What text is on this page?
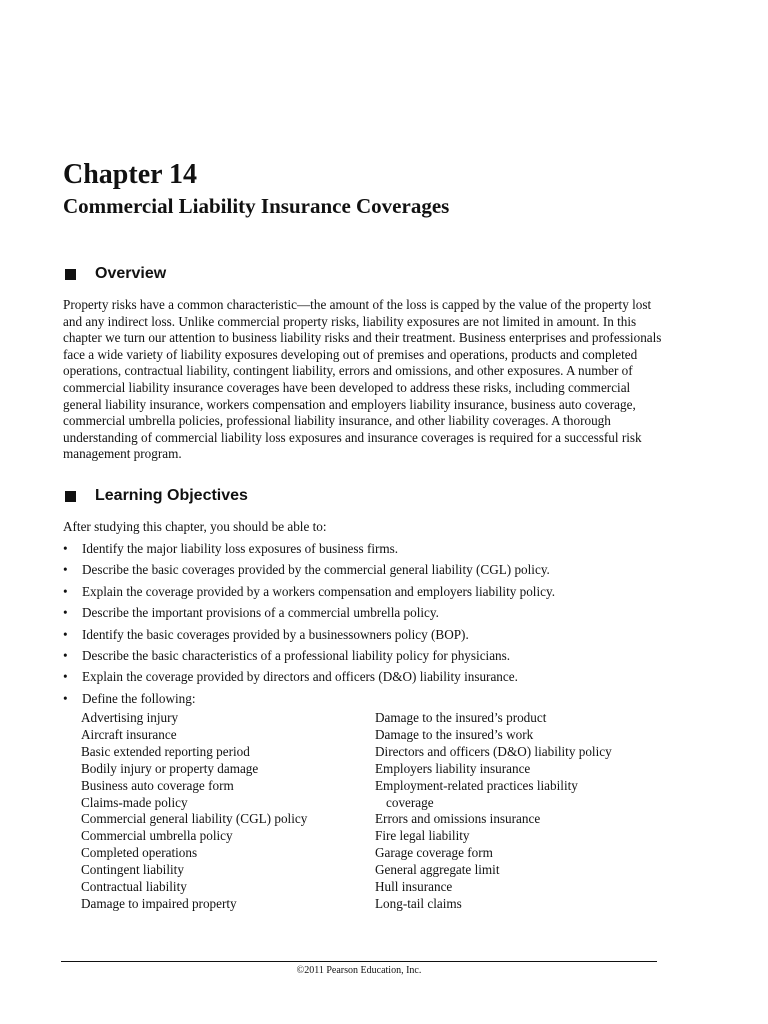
Chapter 14
Commercial Liability Insurance Coverages
Overview

Property risks have a common characteristic—the amount of the loss is capped by the value of the property lost and any indirect loss. Unlike commercial property risks, liability exposures are not limited in amount. In this chapter we turn our attention to business liability risks and their treatment. Business enterprises and professionals face a wide variety of liability exposures developing out of premises and operations, products and completed operations, contractual liability, contingent liability, errors and omissions, and other exposures. A number of commercial liability insurance coverages have been developed to address these risks, including commercial general liability insurance, workers compensation and employers liability insurance, business auto coverage, commercial umbrella policies, professional liability insurance, and other liability coverages. A thorough understanding of commercial liability loss exposures and insurance coverages is required for a successful risk management program.

Learning Objectives

After studying this chapter, you should be able to:

• Identify the major liability loss exposures of business firms.
• Describe the basic coverages provided by the commercial general liability (CGL) policy.
• Explain the coverage provided by a workers compensation and employers liability policy.
• Describe the important provisions of a commercial umbrella policy.
• Identify the basic coverages provided by a businessowners policy (BOP).
• Describe the basic characteristics of a professional liability policy for physicians.
• Explain the coverage provided by directors and officers (D&O) liability insurance.
• Define the following:
Advertising injury
Aircraft insurance
Basic extended reporting period
Bodily injury or property damage
Business auto coverage form
Claims-made policy
Commercial general liability (CGL) policy
Commercial umbrella policy
Completed operations
Contingent liability
Contractual liability
Damage to impaired property
Damage to the insured’s product
Damage to the insured’s work
Directors and officers (D&O) liability policy
Employers liability insurance
Employment-related practices liability
coverage
Errors and omissions insurance
Fire legal liability
Garage coverage form
General aggregate limit
Hull insurance
Long-tail claims

©2011 Pearson Education, Inc.
